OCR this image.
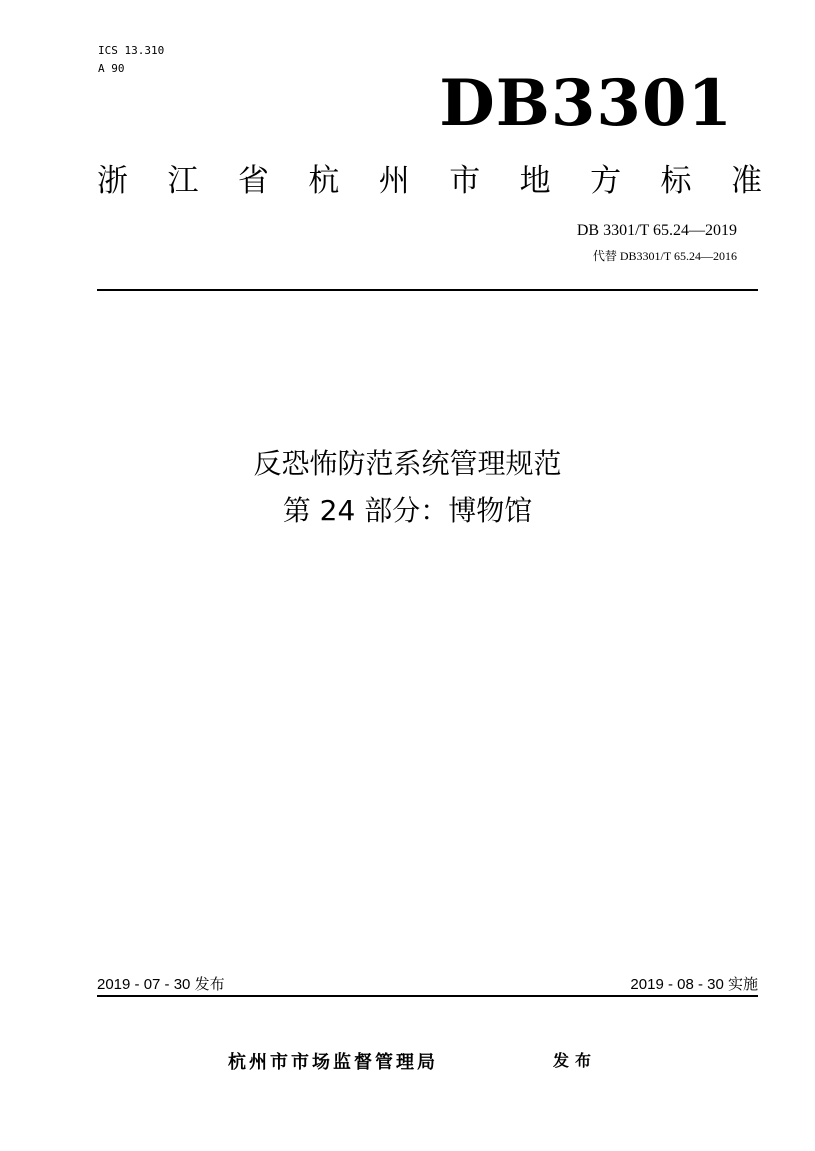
ICS 13.310
A 90	DB3301
浙 江 省 杭 州 市 地 方 标 准
DB 3301/T 65.24—2019
代替 DB3301/T 65.24—2016
反恐怖防范系统管理规范
第 24 部分：博物馆
2019 - 07 - 30 发布	2019 - 08 - 30 实施
杭州市市场监督管理局	发布
